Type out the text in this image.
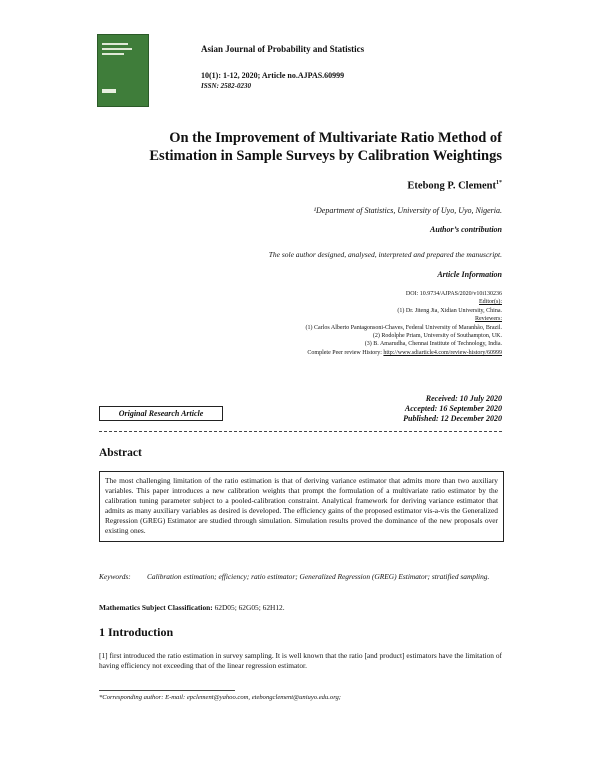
Asian Journal of Probability and Statistics
10(1): 1-12, 2020; Article no.AJPAS.60999
ISSN: 2582-0230
On the Improvement of Multivariate Ratio Method of
Estimation in Sample Surveys by Calibration Weightings
Etebong P. Clement$^{1*}$
¹Department of Statistics, University of Uyo, Uyo, Nigeria.
Author’s contribution
The sole author designed, analysed, interpreted and prepared the manuscript.
Article Information
DOI: 10.9734/AJPAS/2020/v10i130236
Editor(s):
(1) Dr. Jiteng Jia, Xidian University, China.
Reviewers:
(1) Carlos Alberto Pantagonsoni-Chaves, Federal University of Maranhão, Brazil.
(2) Rodolphe Priam, University of Southampton, UK.
(3) B. Amarudha, Chennai Institute of Technology, India.
Complete Peer review History: http://www.sdiarticle4.com/review-history/60999
Received: 10 July 2020
Accepted: 16 September 2020
Published: 12 December 2020
Original Research Article
Abstract
The most challenging limitation of the ratio estimation is that of deriving variance estimator that admits more than two auxiliary variables. This paper introduces a new calibration weights that prompt the formulation of a multivariate ratio estimator by the calibration tuning parameter subject to a pooled-calibration constraint. Analytical framework for deriving variance estimator that admits as many auxiliary variables as desired is developed. The efficiency gains of the proposed estimator vis-a-vis the Generalized Regression (GREG) Estimator are studied through simulation. Simulation results proved the dominance of the new proposals over existing ones.
Keywords: Calibration estimation; efficiency; ratio estimator; Generalized Regression (GREG) Estimator; stratified sampling.
Mathematics Subject Classification: 62D05; 62G05; 62H12.
1 Introduction
[1] first introduced the ratio estimation in survey sampling. It is well known that the ratio [and product] estimators have the limitation of having efficiency not exceeding that of the linear regression estimator.
*Corresponding author: E-mail: epclement@yahoo.com, etebongclement@uniuyo.edu.org;
